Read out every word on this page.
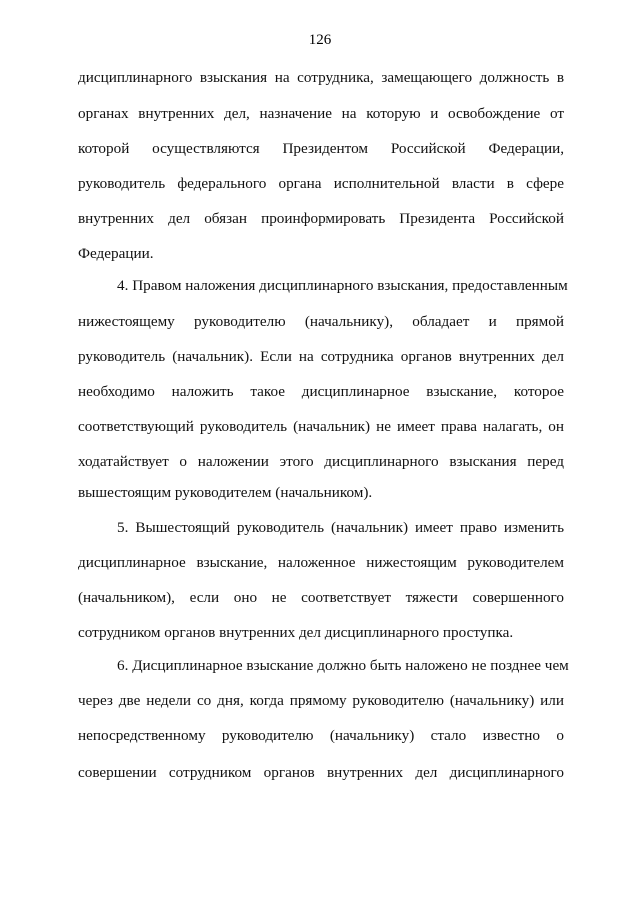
126
дисциплинарного взыскания на сотрудника, замещающего должность в
органах внутренних дел, назначение на которую и освобождение от
которой осуществляются Президентом Российской Федерации,
руководитель федерального органа исполнительной власти в сфере
внутренних дел обязан проинформировать Президента Российской
Федерации.
4. Правом наложения дисциплинарного взыскания, предоставленным
нижестоящему руководителю (начальнику), обладает и прямой
руководитель (начальник). Если на сотрудника органов внутренних дел
необходимо наложить такое дисциплинарное взыскание, которое
соответствующий руководитель (начальник) не имеет права налагать, он
ходатайствует о наложении этого дисциплинарного взыскания перед
вышестоящим руководителем (начальником).
5. Вышестоящий руководитель (начальник) имеет право изменить
дисциплинарное взыскание, наложенное нижестоящим руководителем
(начальником), если оно не соответствует тяжести совершенного
сотрудником органов внутренних дел дисциплинарного проступка.
6. Дисциплинарное взыскание должно быть наложено не позднее чем
через две недели со дня, когда прямому руководителю (начальнику) или
непосредственному руководителю (начальнику) стало известно о
совершении сотрудником органов внутренних дел дисциплинарного
